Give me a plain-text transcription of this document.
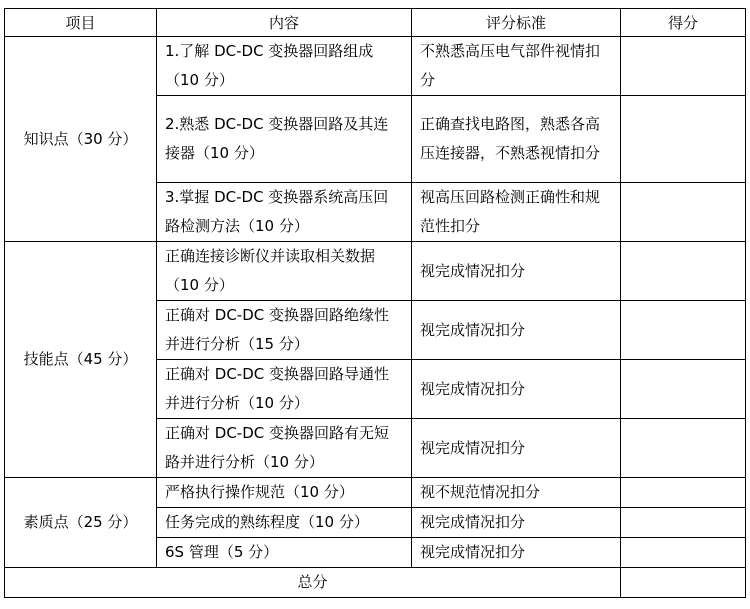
项目	内容	评分标准	得分
知识点（30 分）	1.了解 DC-DC 变换器回路组成（10 分）	不熟悉高压电气部件视情扣分	
	2.熟悉 DC-DC 变换器回路及其连接器（10 分）	正确查找电路图，熟悉各高压连接器，不熟悉视情扣分	
	3.掌握 DC-DC 变换器系统高压回路检测方法（10 分）	视高压回路检测正确性和规范性扣分	
技能点（45 分）	正确连接诊断仪并读取相关数据（10 分）	视完成情况扣分	
	正确对 DC-DC 变换器回路绝缘性并进行分析（15 分）	视完成情况扣分	
	正确对 DC-DC 变换器回路导通性并进行分析（10 分）	视完成情况扣分	
	正确对 DC-DC 变换器回路有无短路并进行分析（10 分）	视完成情况扣分	
素质点（25 分）	严格执行操作规范（10 分）	视不规范情况扣分	
	任务完成的熟练程度（10 分）	视完成情况扣分	
	6S 管理（5 分）	视完成情况扣分	
总分			
